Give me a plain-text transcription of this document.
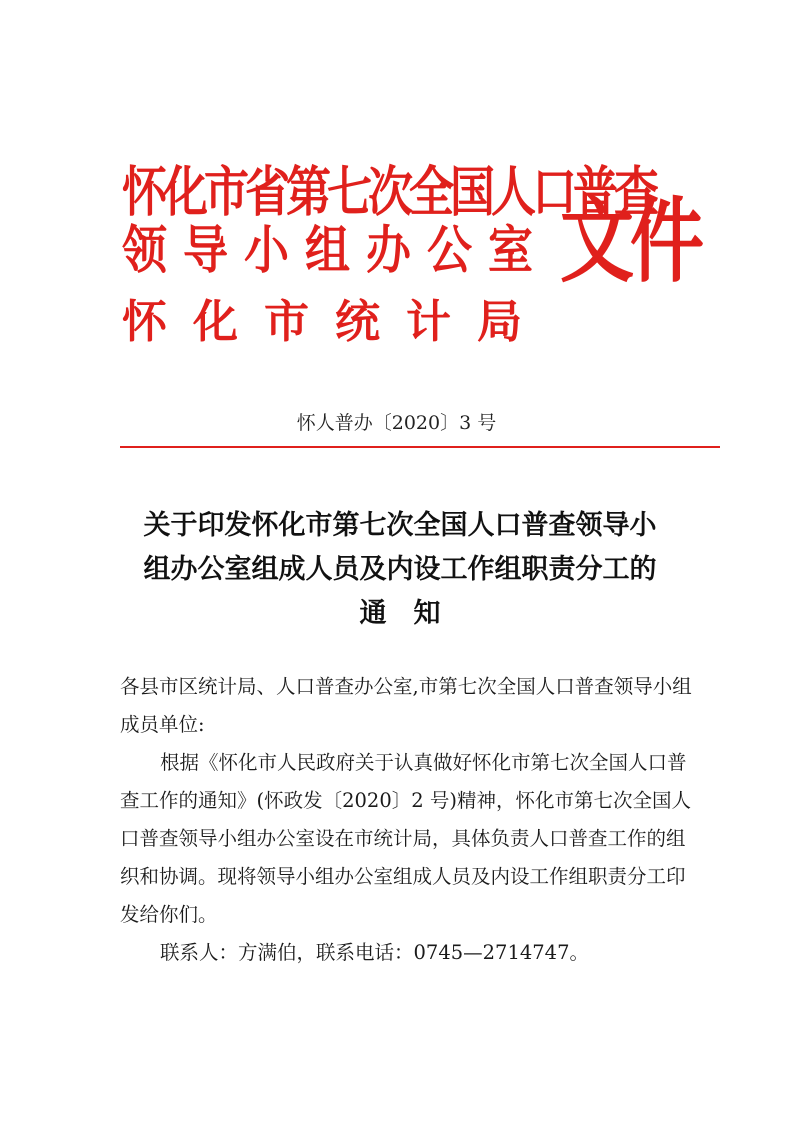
怀化市省第七次全国人口普查
领导小组办公室 文件
怀化市统计局
怀人普办〔2020〕3 号
关于印发怀化市第七次全国人口普查领导小
组办公室组成人员及内设工作组职责分工的
通　知

各县市区统计局、人口普查办公室,市第七次全国人口普查领导小组成员单位:

根据《怀化市人民政府关于认真做好怀化市第七次全国人口普查工作的通知》(怀政发〔2020〕2 号)精神，怀化市第七次全国人口普查领导小组办公室设在市统计局，具体负责人口普查工作的组织和协调。现将领导小组办公室组成人员及内设工作组职责分工印发给你们。

联系人：方满伯，联系电话：0745—2714747。
